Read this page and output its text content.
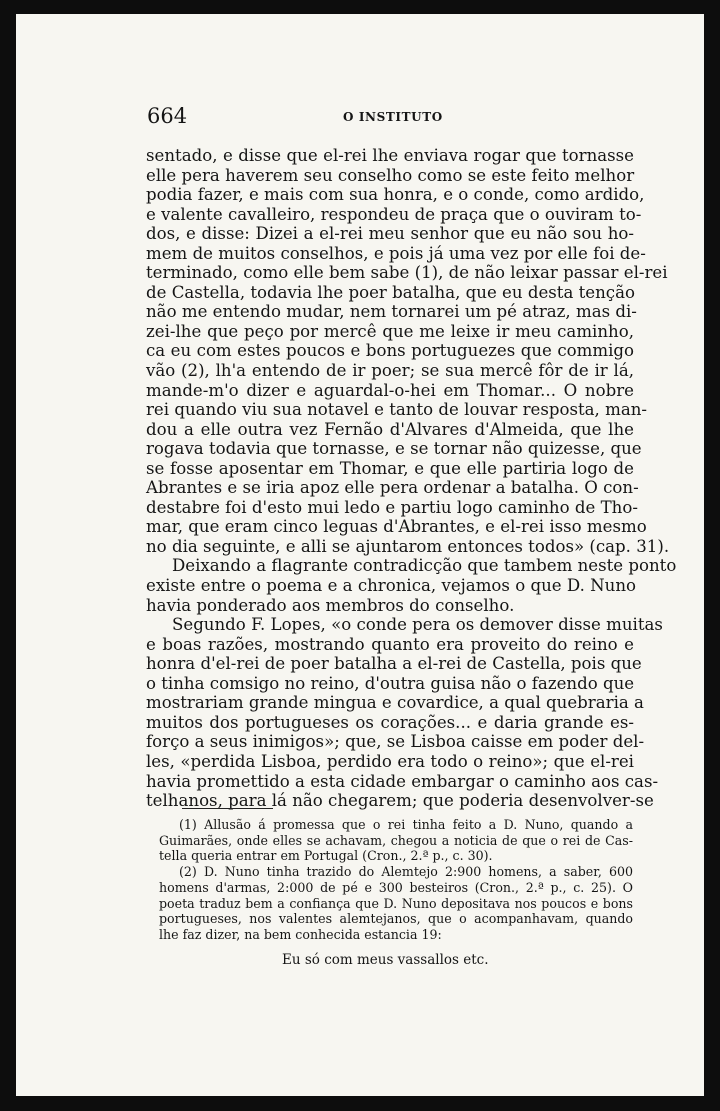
664	O INSTITUTO
sentado, e disse que el-rei lhe enviava rogar que tornasse
elle pera haverem seu conselho como se este feito melhor
podia fazer, e mais com sua honra, e o conde, como ardido,
e valente cavalleiro, respondeu de praça que o ouviram to-
dos, e disse: Dizei a el-rei meu senhor que eu não sou ho-
mem de muitos conselhos, e pois já uma vez por elle foi de-
terminado, como elle bem sabe (1), de não leixar passar el-rei
de Castella, todavia lhe poer batalha, que eu desta tenção
não me entendo mudar, nem tornarei um pé atraz, mas di-
zei-lhe que peço por mercê que me leixe ir meu caminho,
ca eu com estes poucos e bons portuguezes que commigo
vão (2), lh'a entendo de ir poer; se sua mercê fôr de ir lá,
mande-m'o dizer e aguardal-o-hei em Thomar... O nobre
rei quando viu sua notavel e tanto de louvar resposta, man-
dou a elle outra vez Fernão d'Alvares d'Almeida, que lhe
rogava todavia que tornasse, e se tornar não quizesse, que
se fosse aposentar em Thomar, e que elle partiria logo de
Abrantes e se iria apoz elle pera ordenar a batalha. O con-
destabre foi d'esto mui ledo e partiu logo caminho de Tho-
mar, que eram cinco leguas d'Abrantes, e el-rei isso mesmo
no dia seguinte, e alli se ajuntarom entonces todos» (cap. 31).
Deixando a flagrante contradicção que tambem neste ponto
existe entre o poema e a chronica, vejamos o que D. Nuno
havia ponderado aos membros do conselho.
Segundo F. Lopes, «o conde pera os demover disse muitas
e boas razões, mostrando quanto era proveito do reino e
honra d'el-rei de poer batalha a el-rei de Castella, pois que
o tinha comsigo no reino, d'outra guisa não o fazendo que
mostrariam grande mingua e covardice, a qual quebraria a
muitos dos portugueses os corações... e daria grande es-
forço a seus inimigos»; que, se Lisboa caisse em poder del-
les, «perdida Lisboa, perdido era todo o reino»; que el-rei
havia promettido a esta cidade embargar o caminho aos cas-
telhanos, para lá não chegarem; que poderia desenvolver-se
(1) Allusão á promessa que o rei tinha feito a D. Nuno, quando a
Guimarães, onde elles se achavam, chegou a noticia de que o rei de Cas-
tella queria entrar em Portugal (Cron., 2.ª p., c. 30).
(2) D. Nuno tinha trazido do Alemtejo 2:900 homens, a saber, 600
homens d'armas, 2:000 de pé e 300 besteiros (Cron., 2.ª p., c. 25). O
poeta traduz bem a confiança que D. Nuno depositava nos poucos e bons
portugueses, nos valentes alemtejanos, que o acompanhavam, quando
lhe faz dizer, na bem conhecida estancia 19:
Eu só com meus vassallos etc.
